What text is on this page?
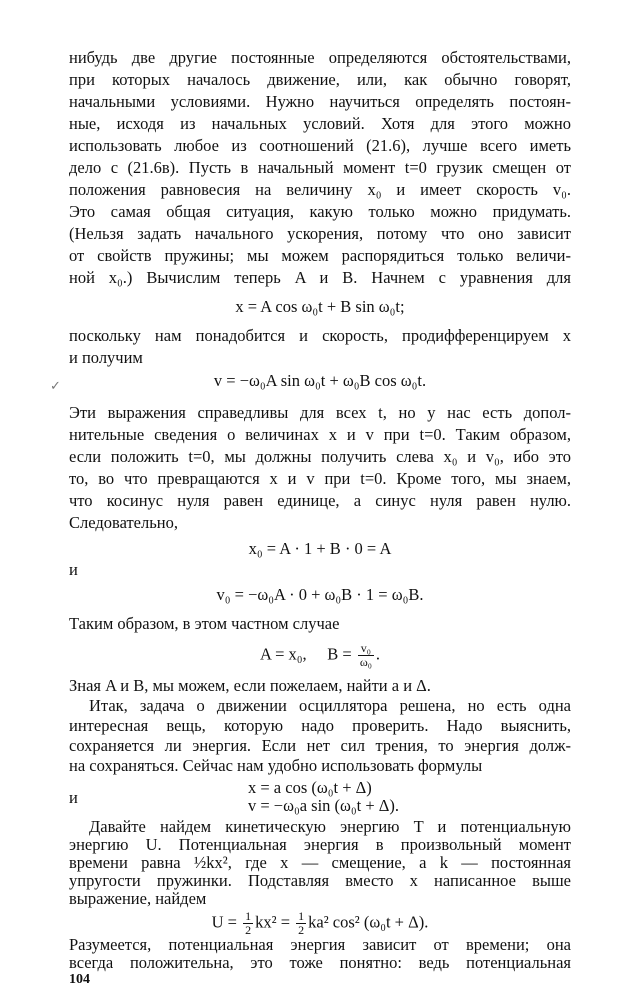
нибудь две другие постоянные определяются обстоятельствами,
при которых началось движение, или, как обычно говорят,
начальными условиями. Нужно научиться определять постоян-
ные, исходя из начальных условий. Хотя для этого можно
использовать любое из соотношений (21.6), лучше всего иметь
дело с (21.6в). Пусть в начальный момент t=0 грузик смещен от
положения равновесия на величину x₀ и имеет скорость v₀.
Это самая общая ситуация, какую только можно придумать.
(Нельзя задать начального ускорения, потому что оно зависит
от свойств пружины; мы можем распорядиться только величи-
ной x₀.) Вычислим теперь A и B. Начнем с уравнения для
x = A cos ω₀t + B sin ω₀t;
поскольку нам понадобится и скорость, продифференцируем x
и получим
v = −ω₀A sin ω₀t + ω₀B cos ω₀t.
✓
Эти выражения справедливы для всех t, но у нас есть допол-
нительные сведения о величинах x и v при t=0. Таким образом,
если положить t=0, мы должны получить слева x₀ и v₀, ибо это
то, во что превращаются x и v при t=0. Кроме того, мы знаем,
что косинус нуля равен единице, а синус нуля равен нулю.
Следовательно,
x₀ = A · 1 + B · 0 = A
и
v₀ = −ω₀A · 0 + ω₀B · 1 = ω₀B.
Таким образом, в этом частном случае
A = x₀, $B = \frac{\text{v₀}}{\text{ω₀}}$ .
Зная A и B, мы можем, если пожелаем, найти a и Δ.
Итак, задача о движении осциллятора решена, но есть одна
интересная вещь, которую надо проверить. Надо выяснить,
сохраняется ли энергия. Если нет сил трения, то энергия долж-
на сохраняться. Сейчас нам удобно использовать формулы
x = a cos (ω₀t + Δ)
и	v = −ω₀a sin (ω₀t + Δ).
Давайте найдем кинетическую энергию T и потенциальную
энергию U. Потенциальная энергия в произвольный момент
времени равна ½kx², где x — смещение, а k — постоянная
104
упругости пружинки. Подставляя вместо x написанное выше
выражение, найдем
$U = \frac{1}{2} kx^2 = \frac{1}{2} ka^2$ cos² (ω₀t + Δ).
Разумеется, потенциальная энергия зависит от времени; она
всегда положительна, это тоже понятно: ведь потенциальная
